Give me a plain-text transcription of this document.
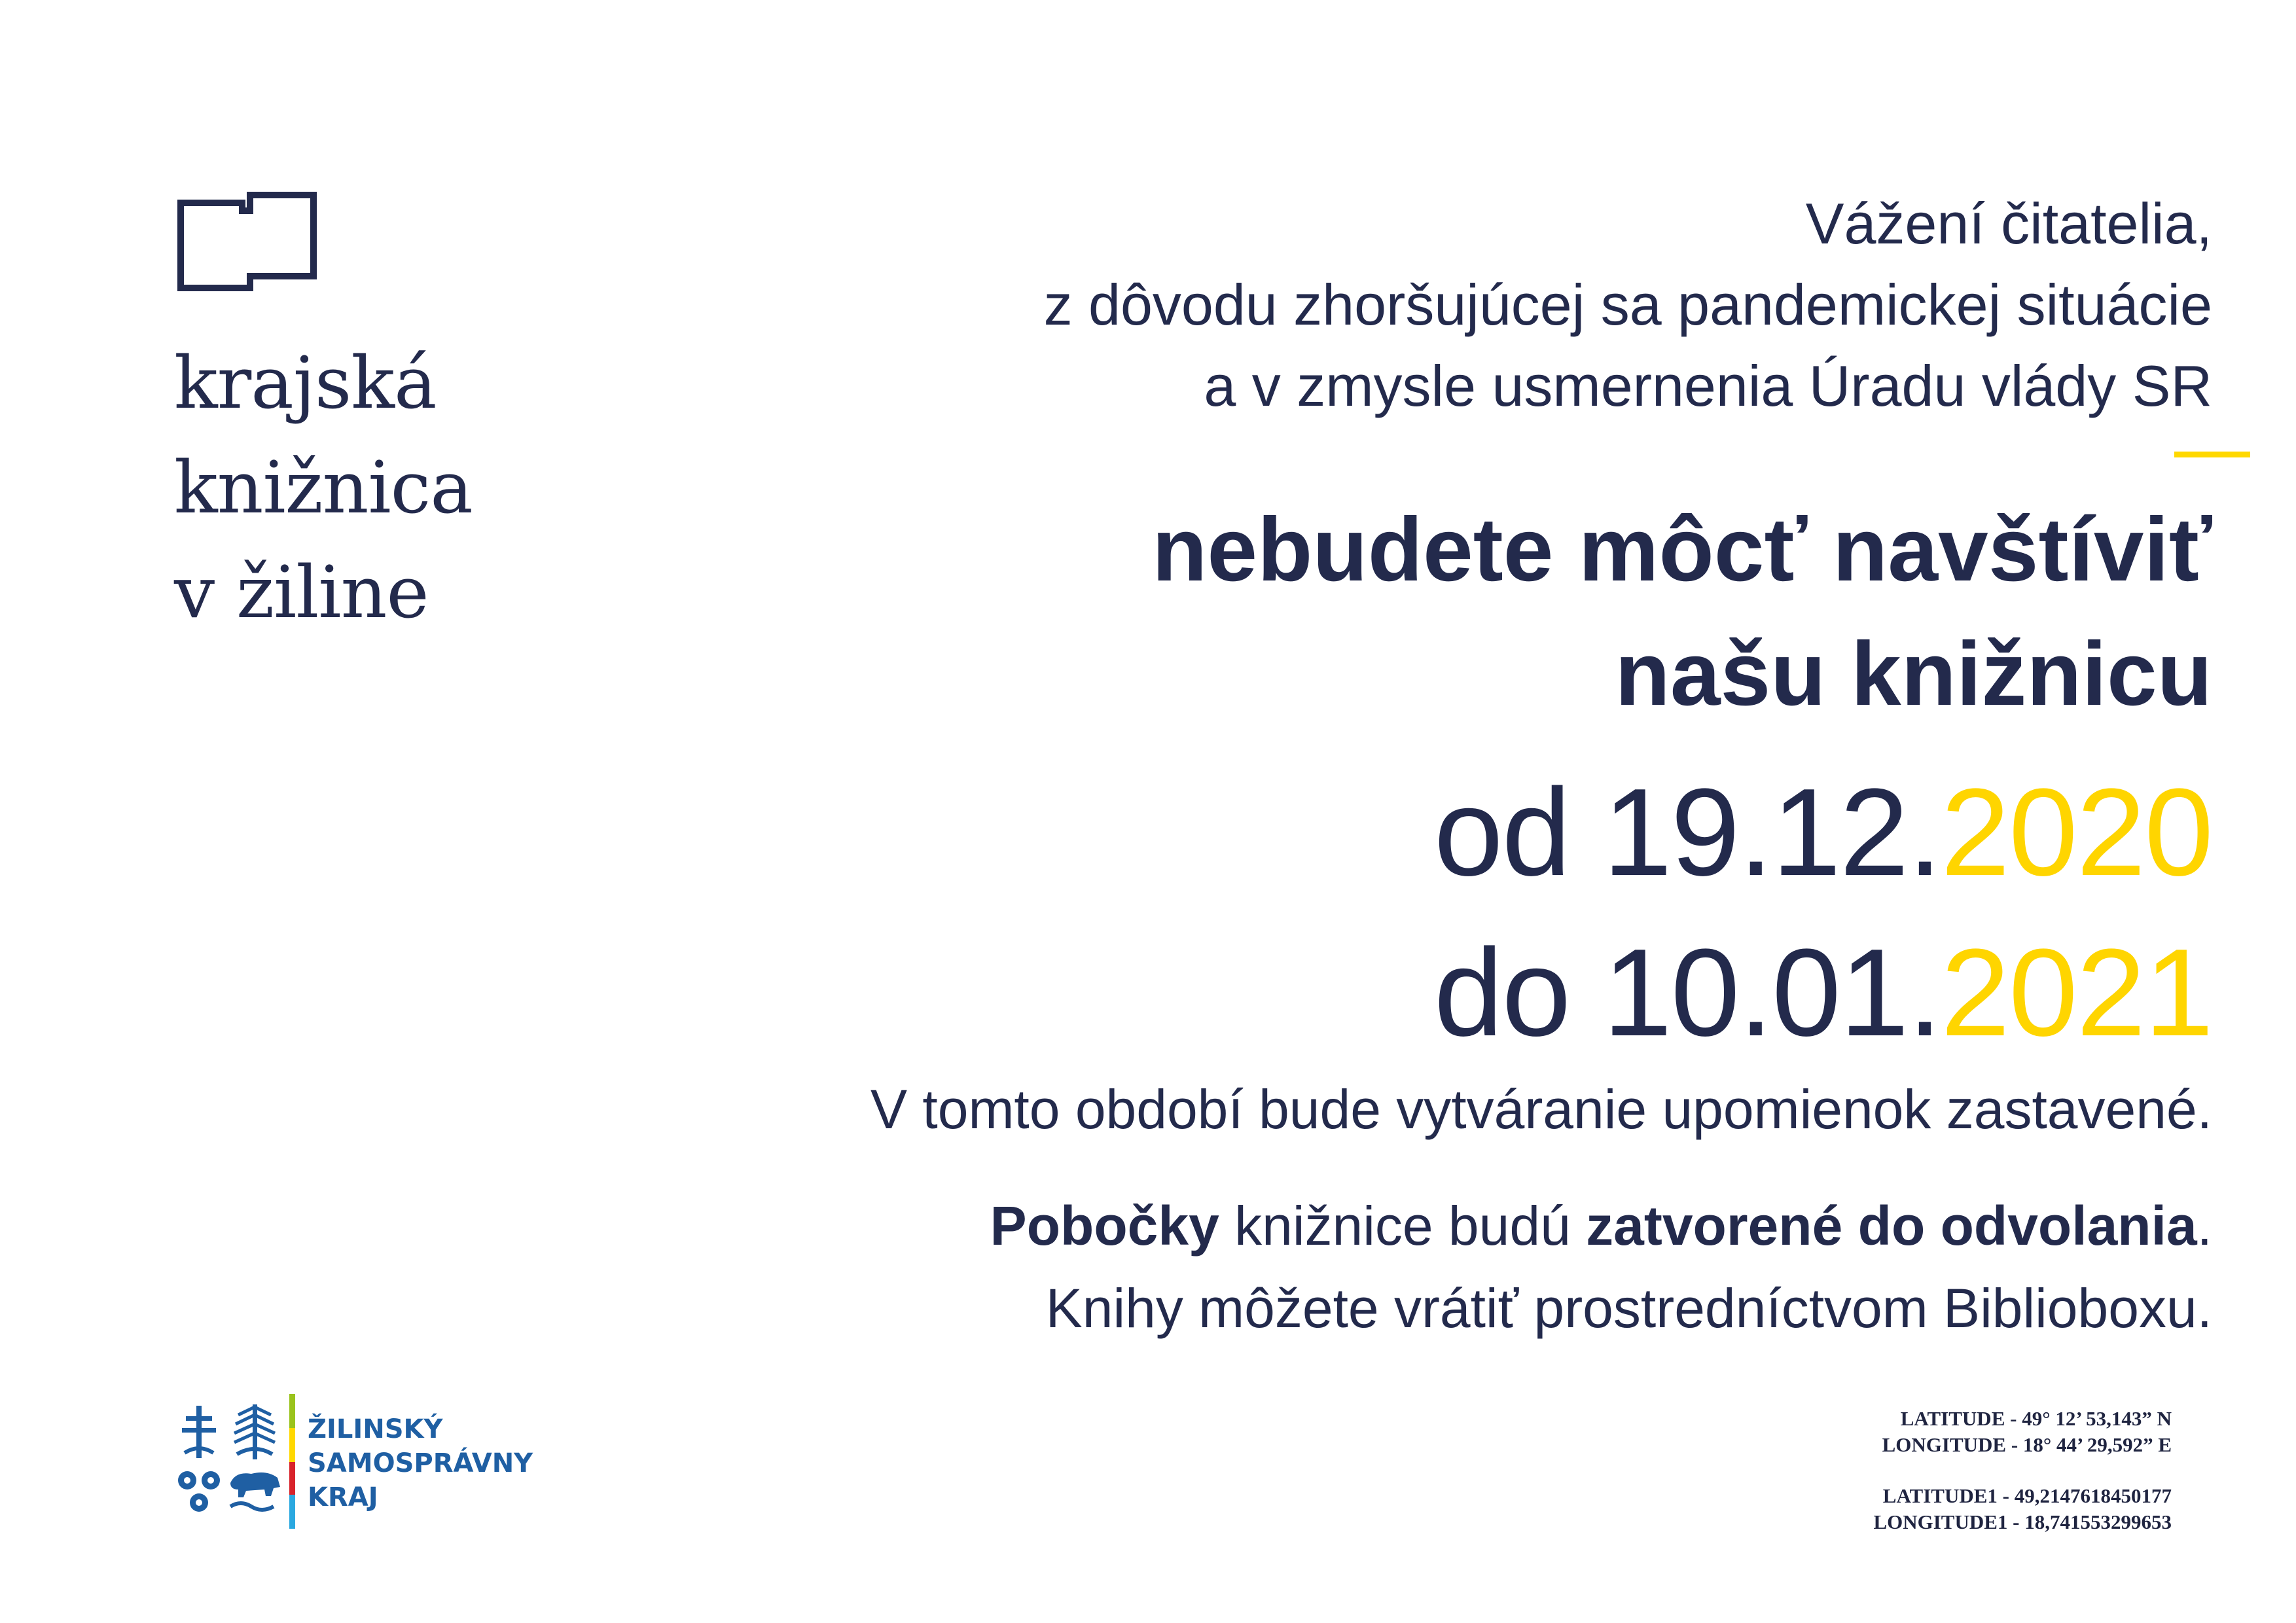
krajská
knižnica
v žiline
Vážení čitatelia,
z dôvodu zhoršujúcej sa pandemickej situácie
a v zmysle usmernenia Úradu vlády SR
nebudete môcť navštíviť
našu knižnicu
od 19.12.2020
do 10.01.2021
V tomto období bude vytváranie upomienok zastavené.
Pobočky knižnice budú zatvorené do odvolania.
Knihy môžete vrátiť prostredníctvom Biblioboxu.
ŽILINSKÝ
SAMOSPRÁVNY
KRAJ
LATITUDE - 49° 12’ 53,143” N
LONGITUDE - 18° 44’ 29,592” E
LATITUDE1 - 49,2147618450177
LONGITUDE1 - 18,741553299653
